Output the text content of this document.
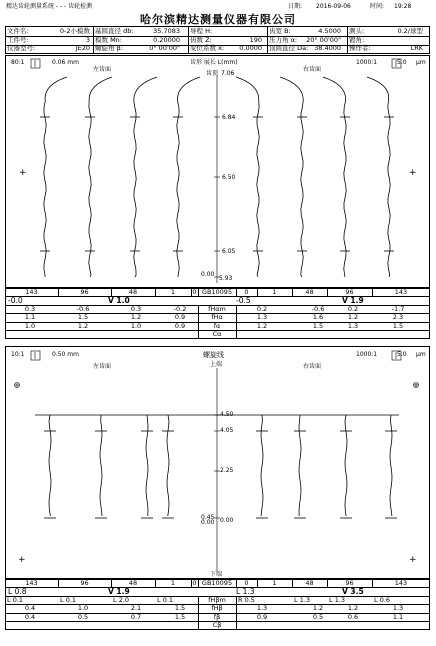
精达齿轮测量系统 - - - 齿轮检测	日期: 2016-09-06	时间: 19:28
哈尔滨精达测量仪器有限公司
文件名:	0-2小模数 基圆直径 db:	35.7083 导程 H:	齿宽 B:	4.5000 测头:	0.2/球型
工件号:	3 模数 Mn:	0.20000 齿数 Z:	190 压力角 α:	20° 00'00" 镀角:
仪器型号:	JE20 螺旋角 β:	0° 00'00" 变位系数 x:	0.0000 顶圆直径 Da: 38.4000 操作者:	LRK
80:1	0.06 mm
左齿面
齿形 展长 L(mm)
右齿面
1000:1	5.0 μm
+	+
齿顶 7.06
6.84
6.50
6.05
0.00
5.93
143	96	48	1	0 GB10095	0	1	48	96	143
-0.0	V 1.0	-0.5	V 1.9
0.3	-0.6	0.3	-0.2	fHαm	0.2	-0.6	0.2	-1.7
1.1	1.5	1.2	0.9	fHα	1.3	1.6	1.2	2.3
1.0	1.2	1.0	0.9	fα	1.2	1.5	1.3	1.5
Cα
10:1	0.50 mm
左齿面
螺旋线
上端	右齿面
1000:1	5.0 μm
+	+
4.50
4.05
2.25
0.45 0.00
0.00
下端
143	96	48	1	0 GB10095	0	1	48	96	143
L 0.8	V 1.9	L 1.3	V 3.5
L 0.1	L 0.1	L 2.0	L 0.1	fHβm	R 0.5	L 1.3	L 1.3	L 0.6
0.4	1.0	2.1	1.5	fHβ	1.3	1.2	1.2	1.3
0.4	0.5	0.7	1.5	fβ	0.9	0.5	0.6	1.1
Cβ
